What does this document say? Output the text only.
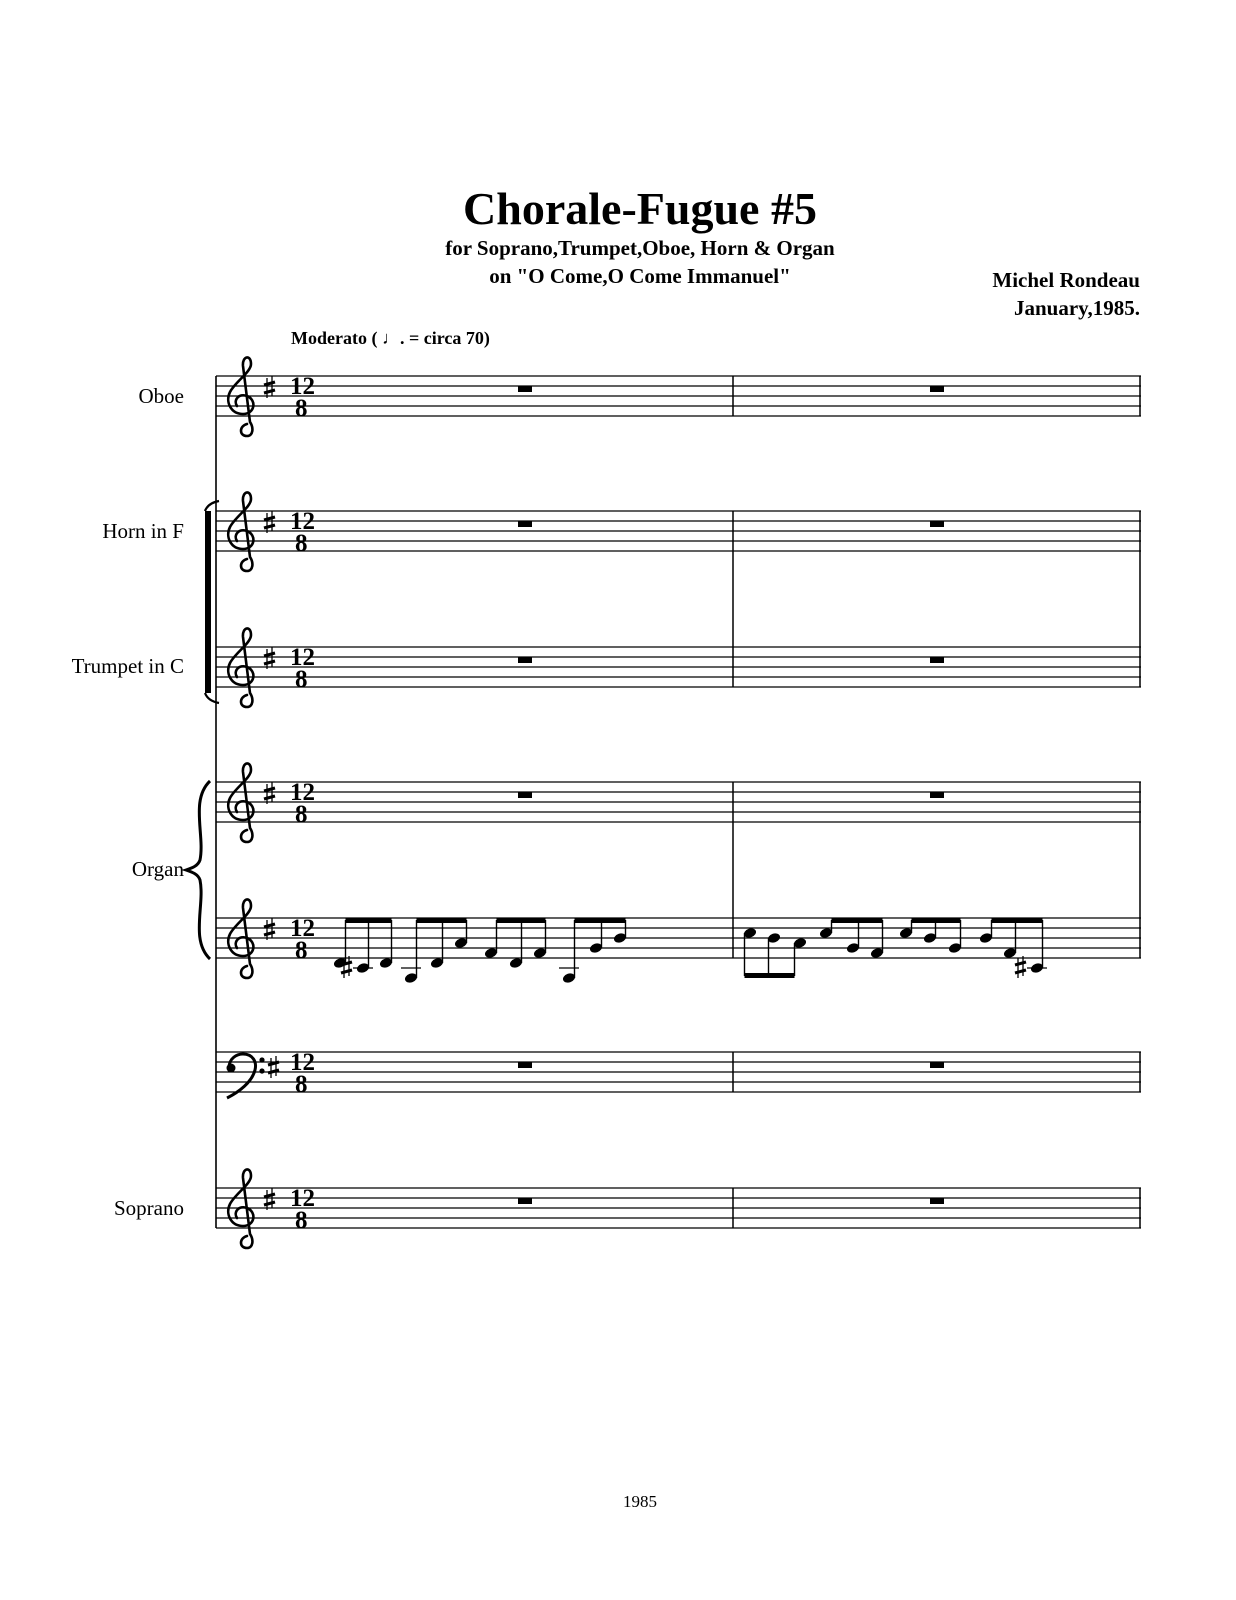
Chorale-Fugue #5
for Soprano,Trumpet,Oboe, Horn & Organ
on "O Come,O Come Immanuel"	Michel Rondeau
January,1985.
Moderato ( ♩. = circa 70)
Oboe
Horn in F
Trumpet in C
Organ
Soprano
12
8
1985
